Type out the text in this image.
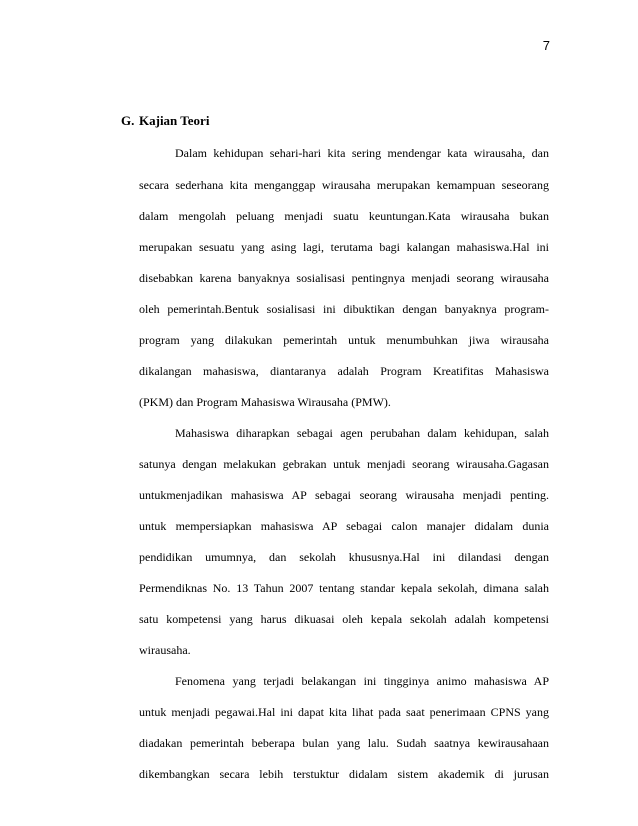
7
G. Kajian Teori
Dalam kehidupan sehari-hari kita sering mendengar kata wirausaha, dan
secara sederhana kita menganggap wirausaha merupakan kemampuan seseorang
dalam mengolah peluang menjadi suatu keuntungan.Kata wirausaha bukan
merupakan sesuatu yang asing lagi, terutama bagi kalangan mahasiswa.Hal ini
disebabkan karena banyaknya sosialisasi pentingnya menjadi seorang wirausaha
oleh pemerintah.Bentuk sosialisasi ini dibuktikan dengan banyaknya program-
program yang dilakukan pemerintah untuk menumbuhkan jiwa wirausaha
dikalangan mahasiswa, diantaranya adalah Program Kreatifitas Mahasiswa
(PKM) dan Program Mahasiswa Wirausaha (PMW).
Mahasiswa diharapkan sebagai agen perubahan dalam kehidupan, salah
satunya dengan melakukan gebrakan untuk menjadi seorang wirausaha.Gagasan
untukmenjadikan mahasiswa AP sebagai seorang wirausaha menjadi penting.
untuk mempersiapkan mahasiswa AP sebagai calon manajer didalam dunia
pendidikan umumnya, dan sekolah khususnya.Hal ini dilandasi dengan
Permendiknas No. 13 Tahun 2007 tentang standar kepala sekolah, dimana salah
satu kompetensi yang harus dikuasai oleh kepala sekolah adalah kompetensi
wirausaha.
Fenomena yang terjadi belakangan ini tingginya animo mahasiswa AP
untuk menjadi pegawai.Hal ini dapat kita lihat pada saat penerimaan CPNS yang
diadakan pemerintah beberapa bulan yang lalu. Sudah saatnya kewirausahaan
dikembangkan secara lebih terstuktur didalam sistem akademik di jurusan
